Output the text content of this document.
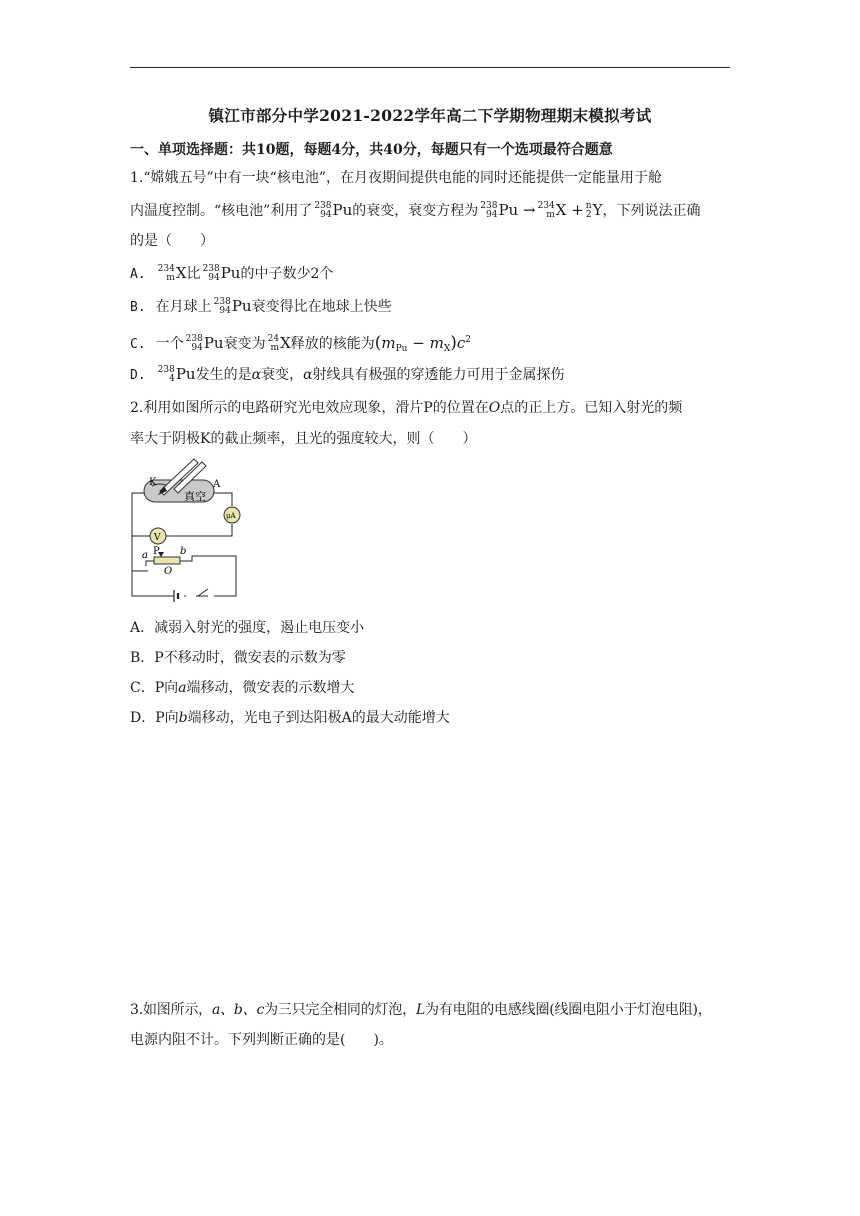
镇江市部分中学2021-2022学年高二下学期物理期末模拟考试
一、单项选择题：共10题，每题4分，共40分，每题只有一个选项最符合题意
1.“嫦娥五号”中有一块“核电池”，在月夜期间提供电能的同时还能提供一定能量用于舱
内温度控制。“核电池”利用了 238
94 Pu的衰变，衰变方程为 238
94 Pu → 234
m X + n
2 Y，下列说法正确
的是（　　）
A. 234
m X比 238
94 Pu的中子数少2个
B. 在月球上 238
94 Pu衰变得比在地球上快些
C. 一个 238
94 Pu衰变为 24
m X释放的核能为$(m_{Pu} - m_X)c^2$
D. 238
4 Pu发生的是α衰变，α射线具有极强的穿透能力可用于金属探伤
2.利用如图所示的电路研究光电效应现象，滑片P的位置在O点的正上方。已知入射光的频
率大于阴极K的截止频率，且光的强度较大，则（　　）
K	A
真空
μA
V
a P b
O
A．减弱入射光的强度，遏止电压变小
B．P不移动时，微安表的示数为零
C．P向a端移动，微安表的示数增大
D．P向b端移动，光电子到达阳极A的最大动能增大
3.如图所示，a、b、c为三只完全相同的灯泡，L为有电阻的电感线圈(线圈电阻小于灯泡电阻)，
电源内阻不计。下列判断正确的是(　　)。
